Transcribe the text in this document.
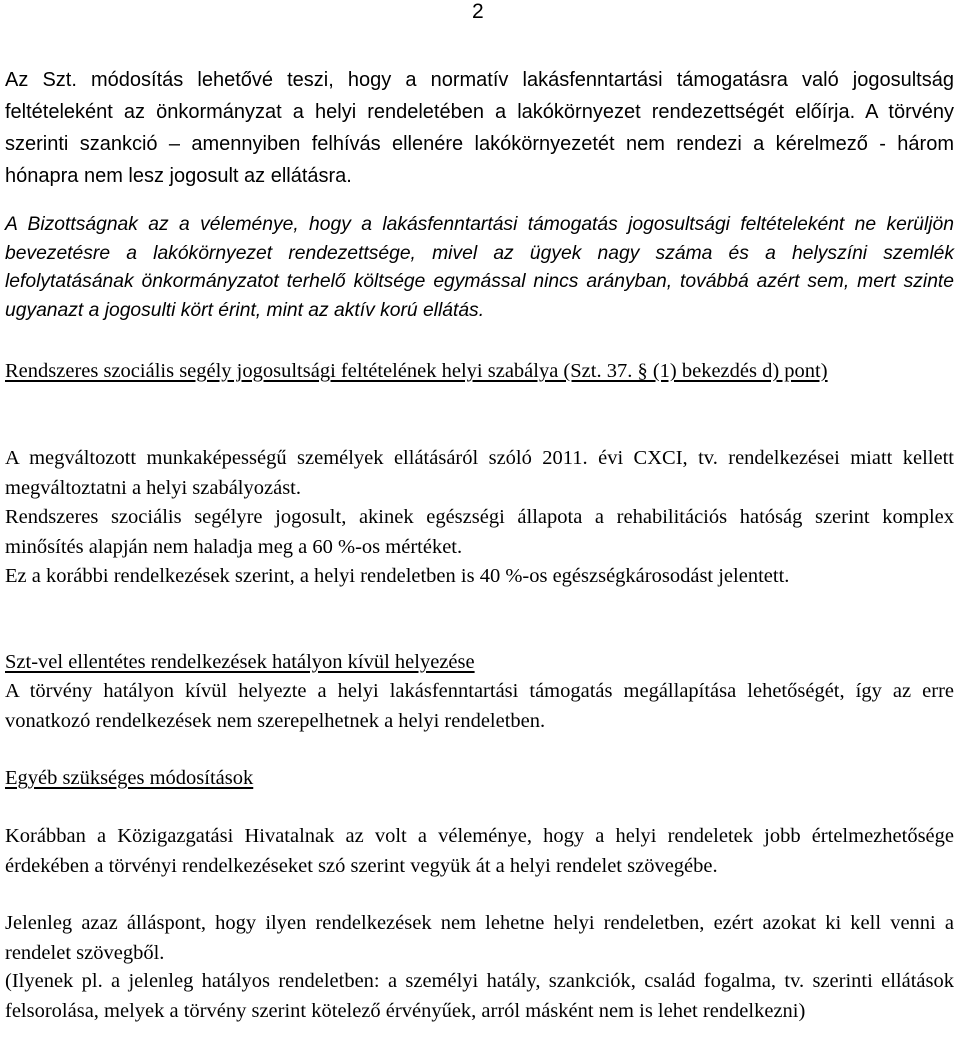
2

Az Szt. módosítás lehetővé teszi, hogy a normatív lakásfenntartási támogatásra való jogosultság feltételeként az önkormányzat a helyi rendeletében a lakókörnyezet rendezettségét előírja. A törvény szerinti szankció – amennyiben felhívás ellenére lakókörnyezetét nem rendezi a kérelmező - három hónapra nem lesz jogosult az ellátásra.

A Bizottságnak az a véleménye, hogy a lakásfenntartási támogatás jogosultsági feltételeként ne kerüljön bevezetésre a lakókörnyezet rendezettsége, mivel az ügyek nagy száma és a helyszíni szemlék lefolytatásának önkormányzatot terhelő költsége egymással nincs arányban, továbbá azért sem, mert szinte ugyanazt a jogosulti kört érint, mint az aktív korú ellátás.

Rendszeres szociális segély jogosultsági feltételének helyi szabálya (Szt. 37. § (1) bekezdés d) pont)

A megváltozott munkaképességű személyek ellátásáról szóló 2011. évi CXCI, tv. rendelkezései miatt kellett megváltoztatni a helyi szabályozást.

Rendszeres szociális segélyre jogosult, akinek egészségi állapota a rehabilitációs hatóság szerint komplex minősítés alapján nem haladja meg a 60 %-os mértéket.

Ez a korábbi rendelkezések szerint, a helyi rendeletben is 40 %-os egészségkárosodást jelentett.

Szt-vel ellentétes rendelkezések hatályon kívül helyezése

A törvény hatályon kívül helyezte a helyi lakásfenntartási támogatás megállapítása lehetőségét, így az erre vonatkozó rendelkezések nem szerepelhetnek a helyi rendeletben.

Egyéb szükséges módosítások

Korábban a Közigazgatási Hivatalnak az volt a véleménye, hogy a helyi rendeletek jobb értelmezhetősége érdekében a törvényi rendelkezéseket szó szerint vegyük át a helyi rendelet szövegébe.

Jelenleg azaz álláspont, hogy ilyen rendelkezések nem lehetne helyi rendeletben, ezért azokat ki kell venni a rendelet szövegből.

(Ilyenek pl. a jelenleg hatályos rendeletben: a személyi hatály, szankciók, család fogalma, tv. szerinti ellátások felsorolása, melyek a törvény szerint kötelező érvényűek, arról másként nem is lehet rendelkezni)
